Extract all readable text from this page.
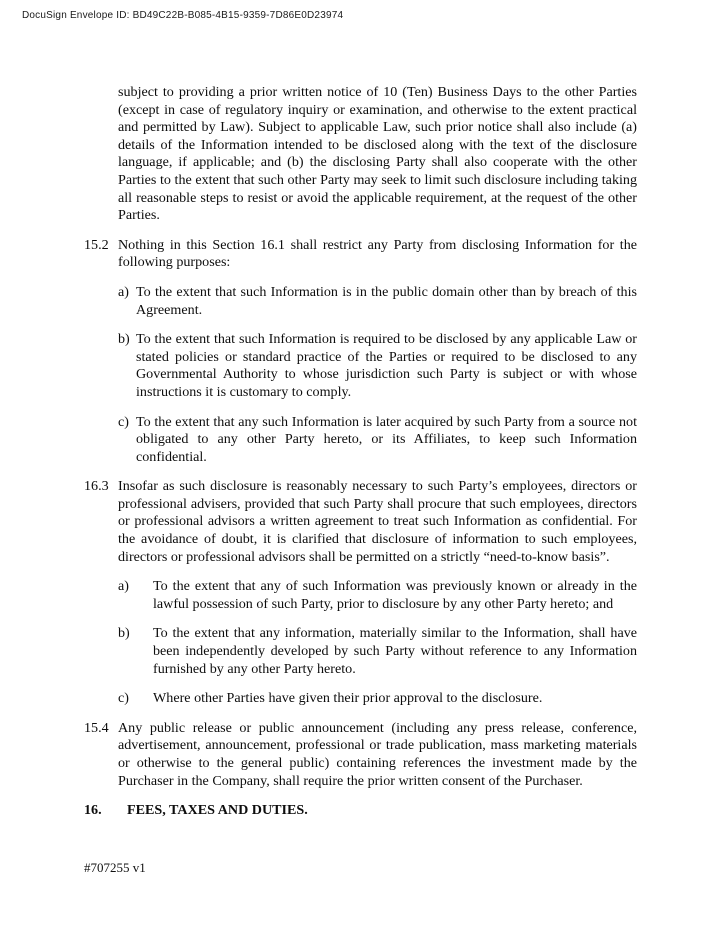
DocuSign Envelope ID: BD49C22B-B085-4B15-9359-7D86E0D23974

subject to providing a prior written notice of 10 (Ten) Business Days to the other Parties (except in case of regulatory inquiry or examination, and otherwise to the extent practical and permitted by Law). Subject to applicable Law, such prior notice shall also include (a) details of the Information intended to be disclosed along with the text of the disclosure language, if applicable; and (b) the disclosing Party shall also cooperate with the other Parties to the extent that such other Party may seek to limit such disclosure including taking all reasonable steps to resist or avoid the applicable requirement, at the request of the other Parties.

15.2 Nothing in this Section 16.1 shall restrict any Party from disclosing Information for the following purposes:
a) To the extent that such Information is in the public domain other than by breach of this Agreement.
b) To the extent that such Information is required to be disclosed by any applicable Law or stated policies or standard practice of the Parties or required to be disclosed to any Governmental Authority to whose jurisdiction such Party is subject or with whose instructions it is customary to comply.
c) To the extent that any such Information is later acquired by such Party from a source not obligated to any other Party hereto, or its Affiliates, to keep such Information confidential.
16.3 Insofar as such disclosure is reasonably necessary to such Party’s employees, directors or professional advisers, provided that such Party shall procure that such employees, directors or professional advisors a written agreement to treat such Information as confidential. For the avoidance of doubt, it is clarified that disclosure of information to such employees, directors or professional advisors shall be permitted on a strictly “need-to-know basis”.
a)	To the extent that any of such Information was previously known or already in the lawful possession of such Party, prior to disclosure by any other Party hereto; and
b)	To the extent that any information, materially similar to the Information, shall have been independently developed by such Party without reference to any Information furnished by any other Party hereto.
c)	Where other Parties have given their prior approval to the disclosure.
15.4 Any public release or public announcement (including any press release, conference, advertisement, announcement, professional or trade publication, mass marketing materials or otherwise to the general public) containing references the investment made by the Purchaser in the Company, shall require the prior written consent of the Purchaser.
16.	FEES, TAXES AND DUTIES.
#707255 v1
